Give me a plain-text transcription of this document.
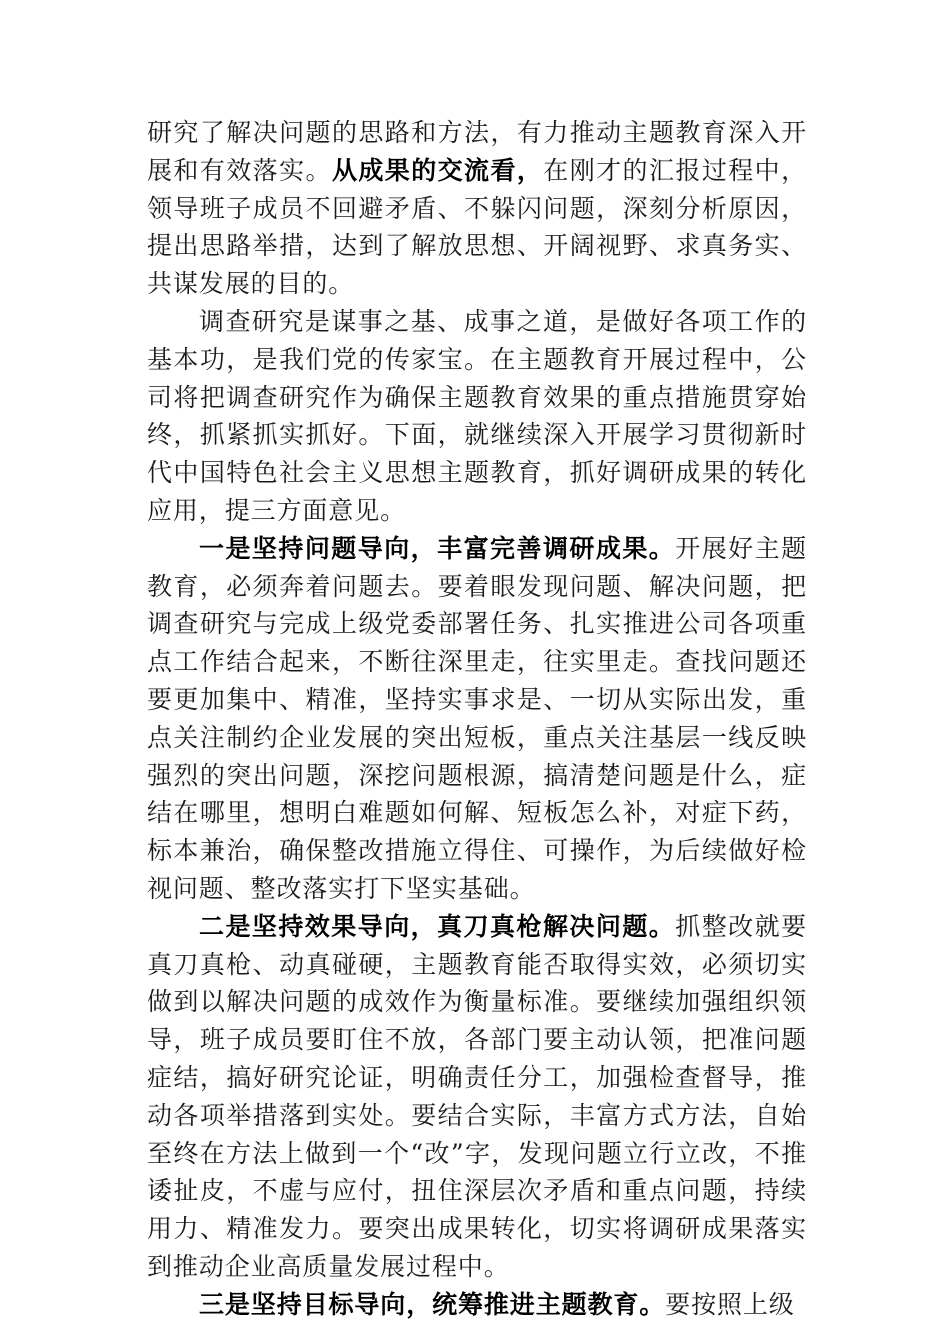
研究了解决问题的思路和方法，有力推动主题教育深入开展和有效落实。从成果的交流看，在刚才的汇报过程中，领导班子成员不回避矛盾、不躲闪问题，深刻分析原因，提出思路举措，达到了解放思想、开阔视野、求真务实、共谋发展的目的。

调查研究是谋事之基、成事之道，是做好各项工作的基本功，是我们党的传家宝。在主题教育开展过程中，公司将把调查研究作为确保主题教育效果的重点措施贯穿始终，抓紧抓实抓好。下面，就继续深入开展学习贯彻新时代中国特色社会主义思想主题教育，抓好调研成果的转化应用，提三方面意见。

一是坚持问题导向，丰富完善调研成果。开展好主题教育，必须奔着问题去。要着眼发现问题、解决问题，把调查研究与完成上级党委部署任务、扎实推进公司各项重点工作结合起来，不断往深里走，往实里走。查找问题还要更加集中、精准，坚持实事求是、一切从实际出发，重点关注制约企业发展的突出短板，重点关注基层一线反映强烈的突出问题，深挖问题根源，搞清楚问题是什么，症结在哪里，想明白难题如何解、短板怎么补，对症下药，标本兼治，确保整改措施立得住、可操作，为后续做好检视问题、整改落实打下坚实基础。

二是坚持效果导向，真刀真枪解决问题。抓整改就要真刀真枪、动真碰硬，主题教育能否取得实效，必须切实做到以解决问题的成效作为衡量标准。要继续加强组织领导，班子成员要盯住不放，各部门要主动认领，把准问题症结，搞好研究论证，明确责任分工，加强检查督导，推动各项举措落到实处。要结合实际，丰富方式方法，自始至终在方法上做到一个“改”字，发现问题立行立改，不推诿扯皮，不虚与应付，扭住深层次矛盾和重点问题，持续用力、精准发力。要突出成果转化，切实将调研成果落实到推动企业高质量发展过程中。

三是坚持目标导向，统筹推进主题教育。要按照上级
